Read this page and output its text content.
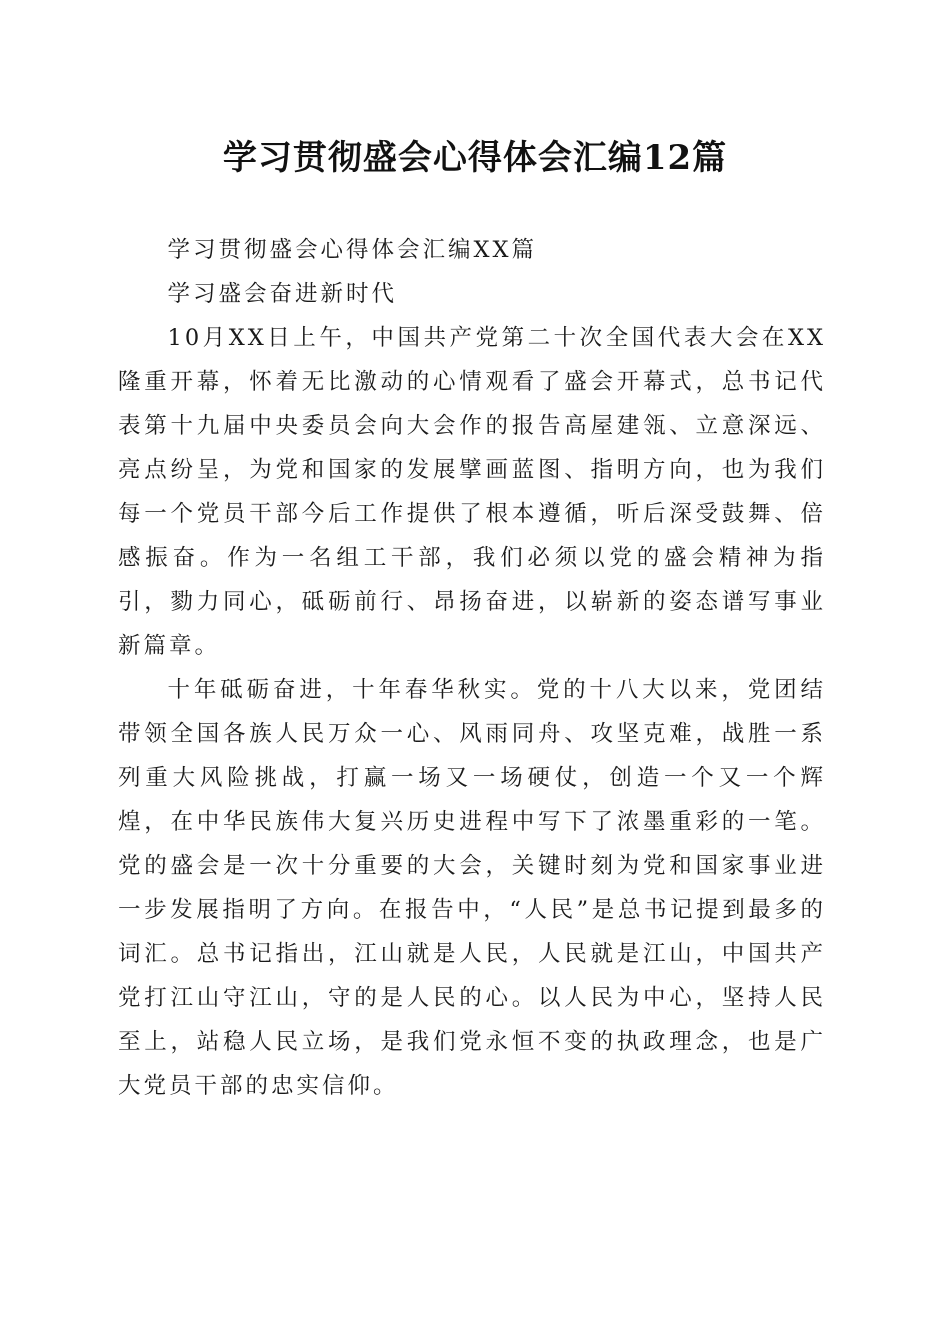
学习贯彻盛会心得体会汇编12篇

学习贯彻盛会心得体会汇编XX篇

学习盛会奋进新时代

10月XX日上午，中国共产党第二十次全国代表大会在XX隆重开幕，怀着无比激动的心情观看了盛会开幕式，总书记代表第十九届中央委员会向大会作的报告高屋建瓴、立意深远、亮点纷呈，为党和国家的发展擘画蓝图、指明方向，也为我们每一个党员干部今后工作提供了根本遵循，听后深受鼓舞、倍感振奋。作为一名组工干部，我们必须以党的盛会精神为指引，勠力同心，砥砺前行、昂扬奋进，以崭新的姿态谱写事业新篇章。

十年砥砺奋进，十年春华秋实。党的十八大以来，党团结带领全国各族人民万众一心、风雨同舟、攻坚克难，战胜一系列重大风险挑战，打赢一场又一场硬仗，创造一个又一个辉煌，在中华民族伟大复兴历史进程中写下了浓墨重彩的一笔。党的盛会是一次十分重要的大会，关键时刻为党和国家事业进一步发展指明了方向。在报告中，“人民”是总书记提到最多的词汇。总书记指出，江山就是人民，人民就是江山，中国共产党打江山守江山，守的是人民的心。以人民为中心，坚持人民至上，站稳人民立场，是我们党永恒不变的执政理念，也是广大党员干部的忠实信仰。
